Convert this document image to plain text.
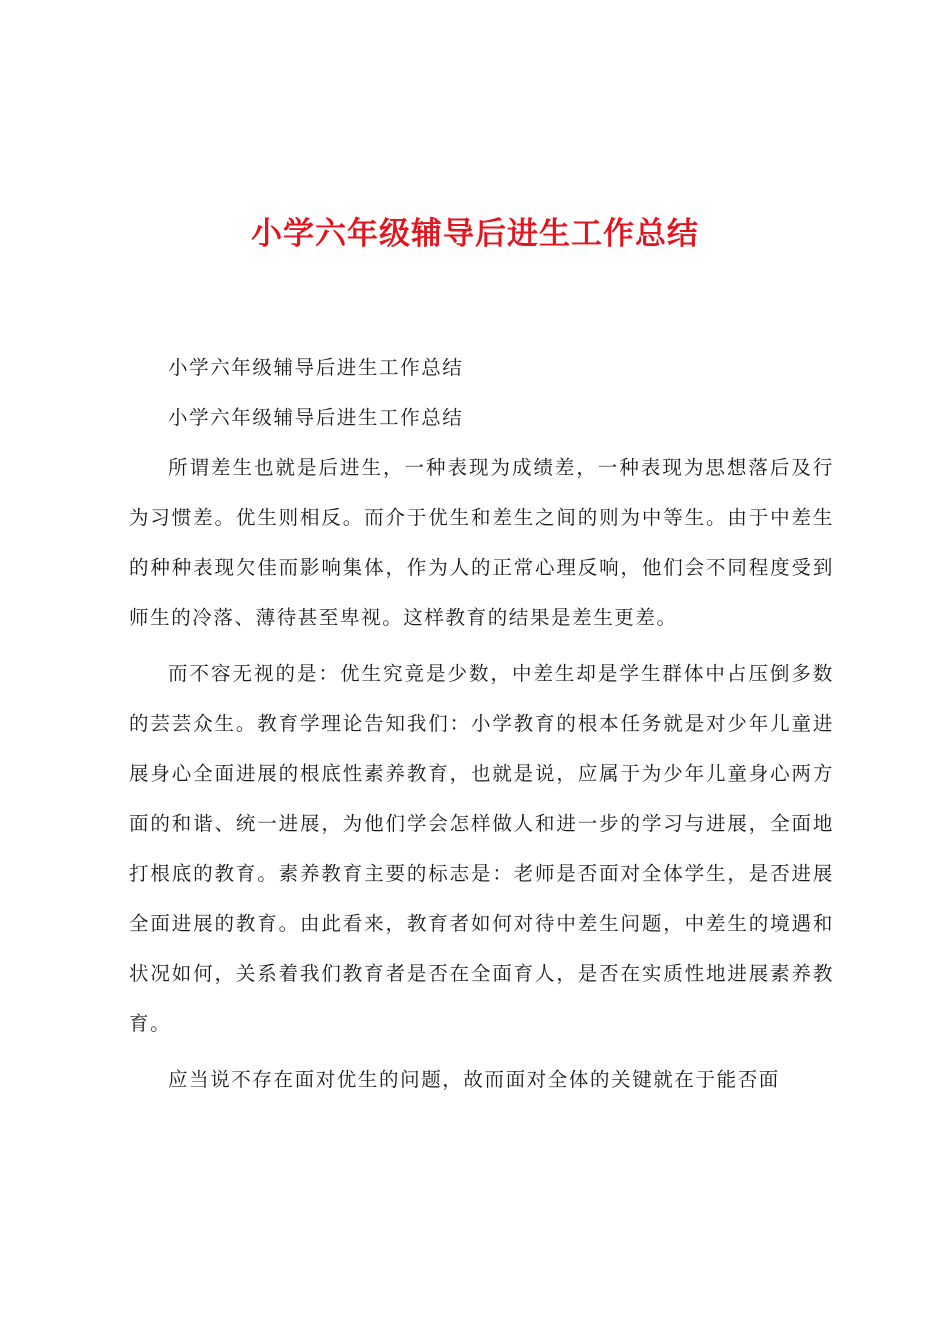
小学六年级辅导后进生工作总结

小学六年级辅导后进生工作总结

小学六年级辅导后进生工作总结

所谓差生也就是后进生，一种表现为成绩差，一种表现为思想落后及行为习惯差。优生则相反。而介于优生和差生之间的则为中等生。由于中差生的种种表现欠佳而影响集体，作为人的正常心理反响，他们会不同程度受到师生的冷落、薄待甚至卑视。这样教育的结果是差生更差。

而不容无视的是：优生究竟是少数，中差生却是学生群体中占压倒多数的芸芸众生。教育学理论告知我们：小学教育的根本任务就是对少年儿童进展身心全面进展的根底性素养教育，也就是说，应属于为少年儿童身心两方面的和谐、统一进展，为他们学会怎样做人和进一步的学习与进展，全面地打根底的教育。素养教育主要的标志是：老师是否面对全体学生，是否进展全面进展的教育。由此看来，教育者如何对待中差生问题，中差生的境遇和状况如何，关系着我们教育者是否在全面育人，是否在实质性地进展素养教育。

应当说不存在面对优生的问题，故而面对全体的关键就在于能否面
